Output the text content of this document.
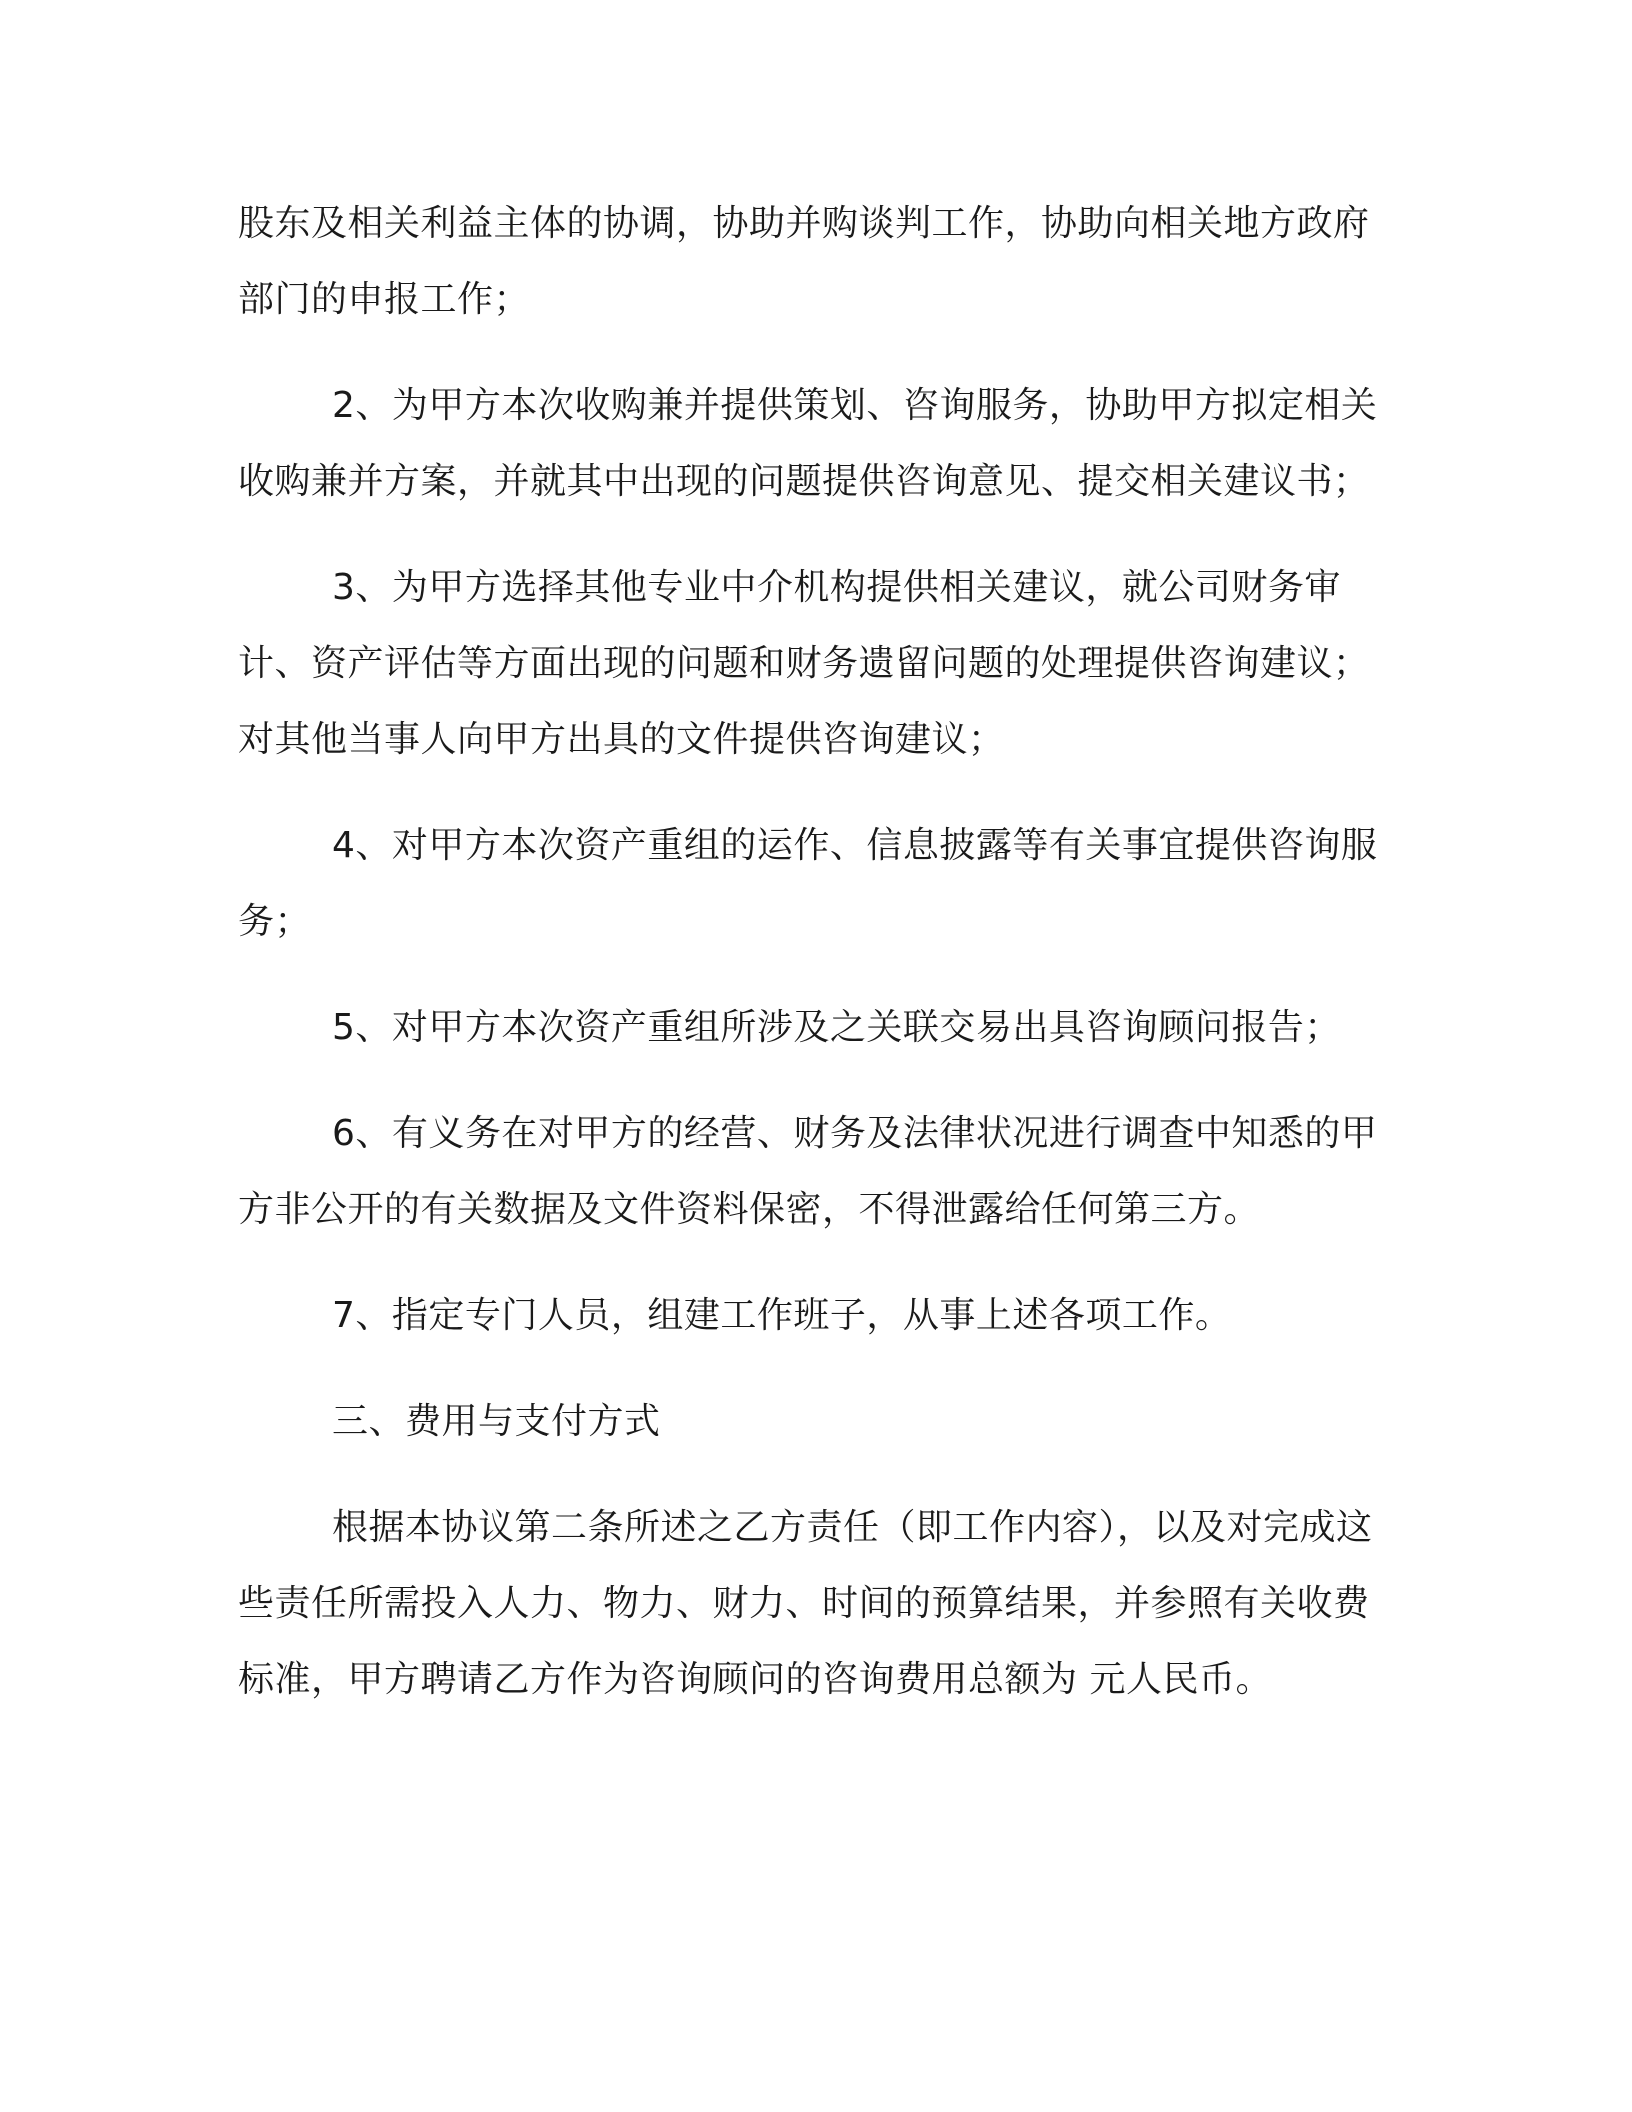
股东及相关利益主体的协调，协助并购谈判工作，协助向相关地方政府部门的申报工作；

2、为甲方本次收购兼并提供策划、咨询服务，协助甲方拟定相关收购兼并方案，并就其中出现的问题提供咨询意见、提交相关建议书；

3、为甲方选择其他专业中介机构提供相关建议，就公司财务审计、资产评估等方面出现的问题和财务遗留问题的处理提供咨询建议；对其他当事人向甲方出具的文件提供咨询建议；

4、对甲方本次资产重组的运作、信息披露等有关事宜提供咨询服务；

5、对甲方本次资产重组所涉及之关联交易出具咨询顾问报告；

6、有义务在对甲方的经营、财务及法律状况进行调查中知悉的甲方非公开的有关数据及文件资料保密，不得泄露给任何第三方。

7、指定专门人员，组建工作班子，从事上述各项工作。

三、费用与支付方式

根据本协议第二条所述之乙方责任（即工作内容），以及对完成这些责任所需投入人力、物力、财力、时间的预算结果，并参照有关收费标准，甲方聘请乙方作为咨询顾问的咨询费用总额为 元人民币。
